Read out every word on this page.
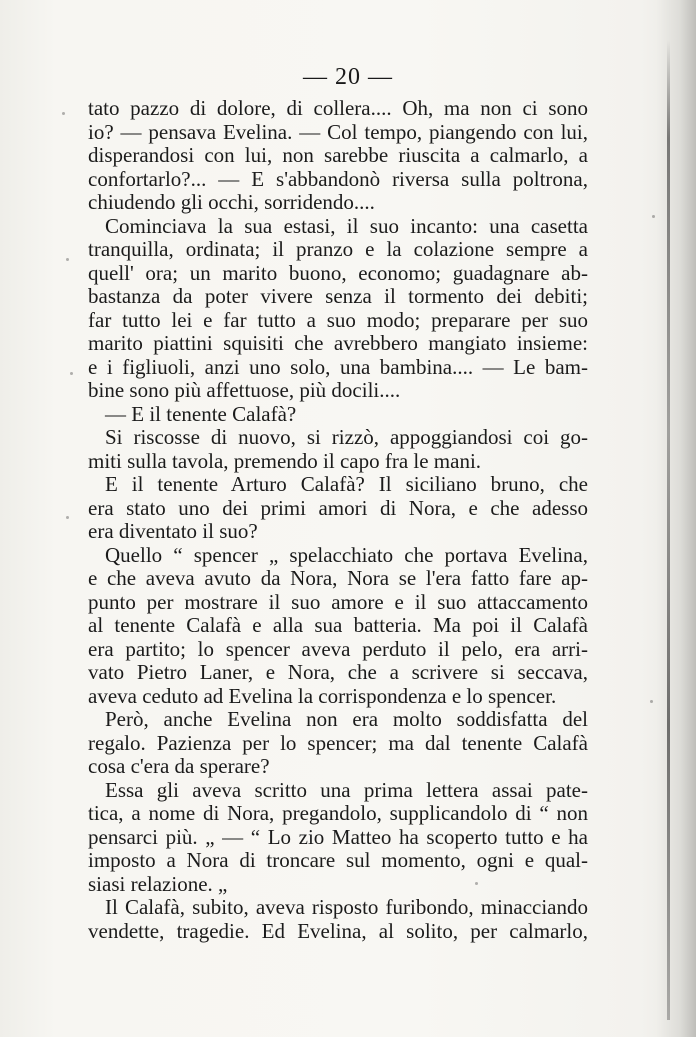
— 20 —
tato pazzo di dolore, di collera.... Oh, ma non ci sono
io? — pensava Evelina. — Col tempo, piangendo con lui,
disperandosi con lui, non sarebbe riuscita a calmarlo, a
confortarlo?... — E s'abbandonò riversa sulla poltrona,
chiudendo gli occhi, sorridendo....
Cominciava la sua estasi, il suo incanto: una casetta
tranquilla, ordinata; il pranzo e la colazione sempre a
quell' ora; un marito buono, economo; guadagnare ab-
bastanza da poter vivere senza il tormento dei debiti;
far tutto lei e far tutto a suo modo; preparare per suo
marito piattini squisiti che avrebbero mangiato insieme:
e i figliuoli, anzi uno solo, una bambina.... — Le bam-
bine sono più affettuose, più docili....
— E il tenente Calafà?
Si riscosse di nuovo, si rizzò, appoggiandosi coi go-
miti sulla tavola, premendo il capo fra le mani.
E il tenente Arturo Calafà? Il siciliano bruno, che
era stato uno dei primi amori di Nora, e che adesso
era diventato il suo?
Quello “ spencer „ spelacchiato che portava Evelina,
e che aveva avuto da Nora, Nora se l'era fatto fare ap-
punto per mostrare il suo amore e il suo attaccamento
al tenente Calafà e alla sua batteria. Ma poi il Calafà
era partito; lo spencer aveva perduto il pelo, era arri-
vato Pietro Laner, e Nora, che a scrivere si seccava,
aveva ceduto ad Evelina la corrispondenza e lo spencer.
Però, anche Evelina non era molto soddisfatta del
regalo. Pazienza per lo spencer; ma dal tenente Calafà
cosa c'era da sperare?
Essa gli aveva scritto una prima lettera assai pate-
tica, a nome di Nora, pregandolo, supplicandolo di “ non
pensarci più. „ — “ Lo zio Matteo ha scoperto tutto e ha
imposto a Nora di troncare sul momento, ogni e qual-
siasi relazione. „
Il Calafà, subito, aveva risposto furibondo, minacciando
vendette, tragedie. Ed Evelina, al solito, per calmarlo,
